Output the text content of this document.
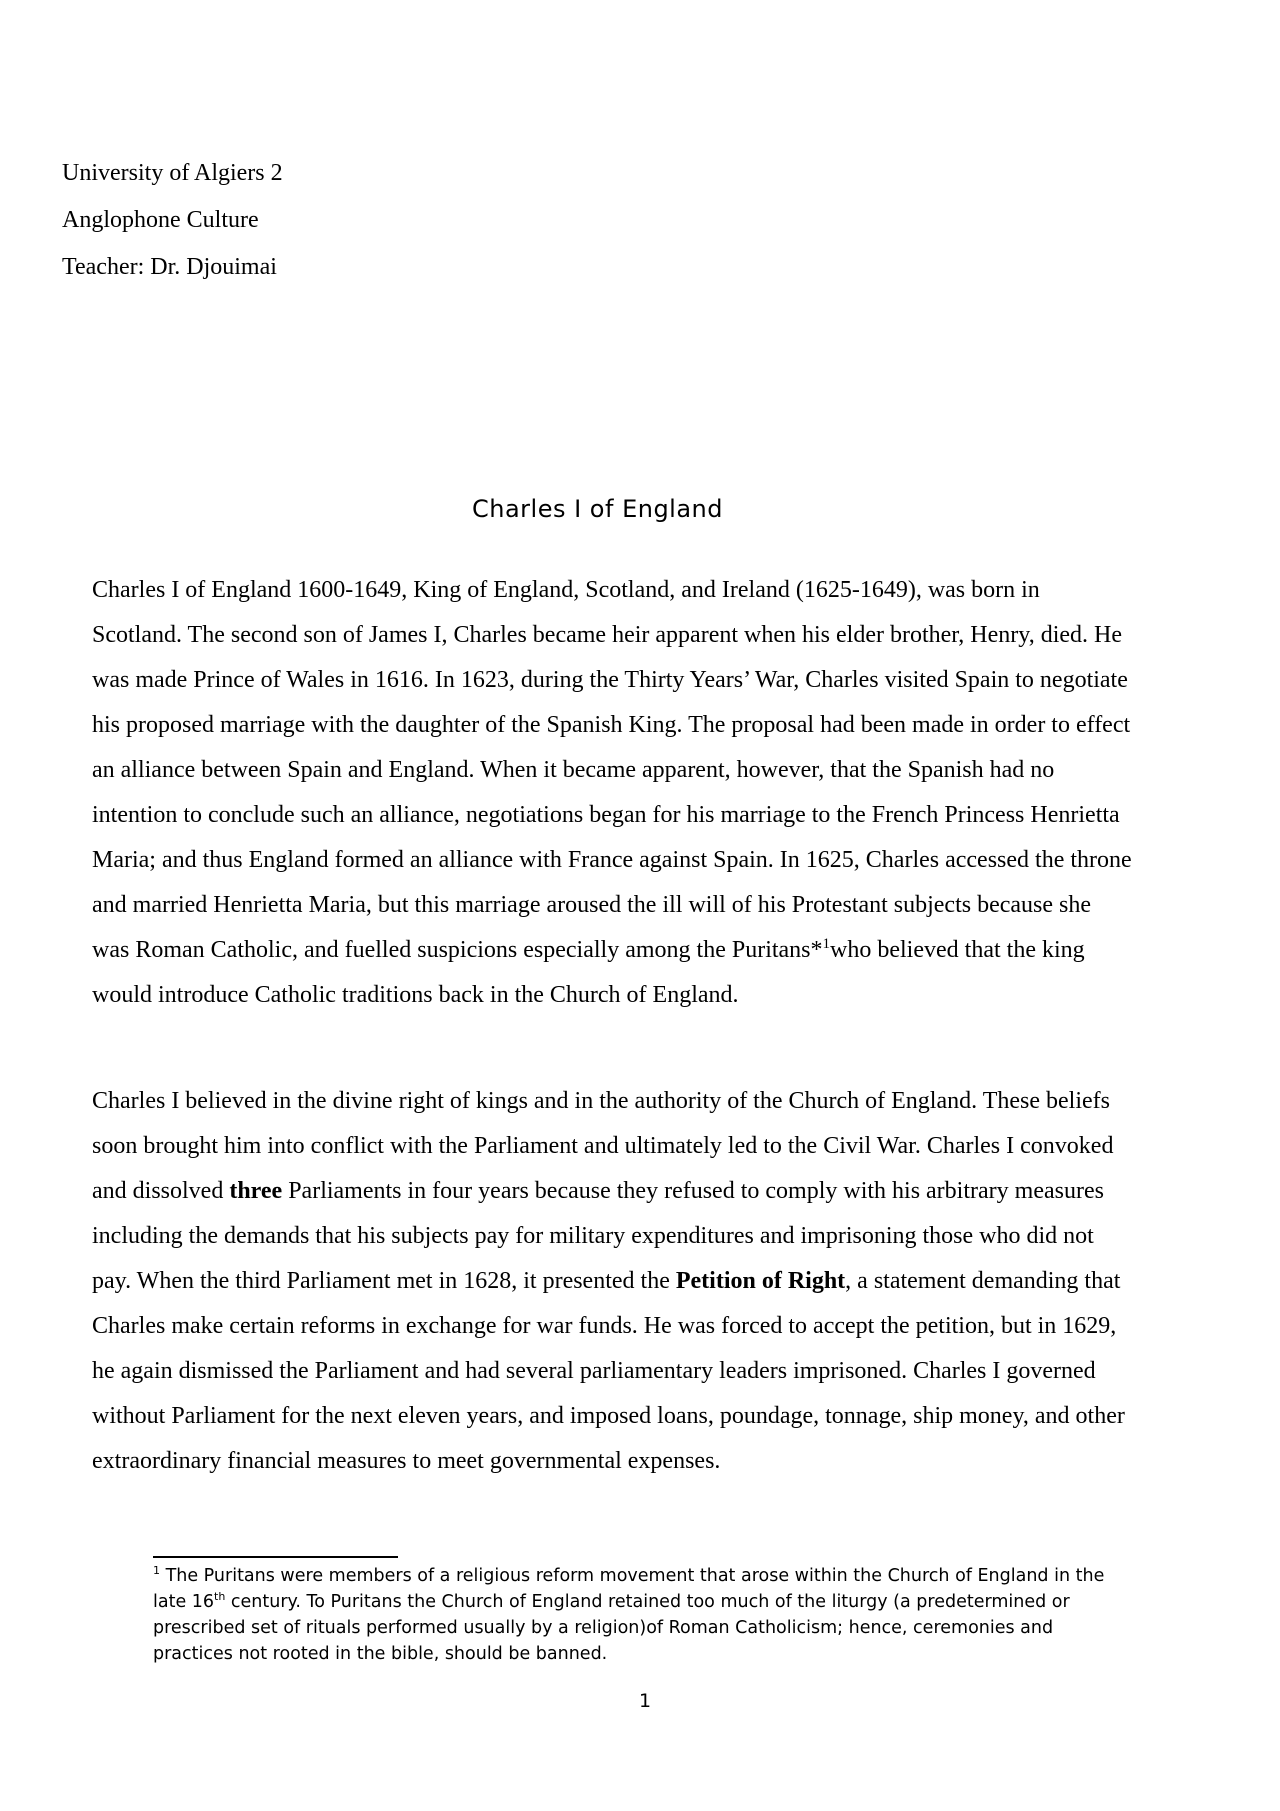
University of Algiers 2
Anglophone Culture
Teacher: Dr. Djouimai
Charles I of England

Charles I of England 1600-1649, King of England, Scotland, and Ireland (1625-1649), was born in Scotland. The second son of James I, Charles became heir apparent when his elder brother, Henry, died. He was made Prince of Wales in 1616. In 1623, during the Thirty Years’ War, Charles visited Spain to negotiate his proposed marriage with the daughter of the Spanish King. The proposal had been made in order to effect an alliance between Spain and England. When it became apparent, however, that the Spanish had no intention to conclude such an alliance, negotiations began for his marriage to the French Princess Henrietta Maria; and thus England formed an alliance with France against Spain. In 1625, Charles accessed the throne and married Henrietta Maria, but this marriage aroused the ill will of his Protestant subjects because she was Roman Catholic, and fuelled suspicions especially among the Puritans*$^1$who believed that the king would introduce Catholic traditions back in the Church of England.

Charles I believed in the divine right of kings and in the authority of the Church of England. These beliefs soon brought him into conflict with the Parliament and ultimately led to the Civil War. Charles I convoked and dissolved three Parliaments in four years because they refused to comply with his arbitrary measures including the demands that his subjects pay for military expenditures and imprisoning those who did not pay. When the third Parliament met in 1628, it presented the Petition of Right, a statement demanding that Charles make certain reforms in exchange for war funds. He was forced to accept the petition, but in 1629, he again dismissed the Parliament and had several parliamentary leaders imprisoned. Charles I governed without Parliament for the next eleven years, and imposed loans, poundage, tonnage, ship money, and other extraordinary financial measures to meet governmental expenses.

$^1$ The Puritans were members of a religious reform movement that arose within the Church of England in the late 16th century. To Puritans the Church of England retained too much of the liturgy (a predetermined or prescribed set of rituals performed usually by a religion)of Roman Catholicism; hence, ceremonies and practices not rooted in the bible, should be banned.

1
